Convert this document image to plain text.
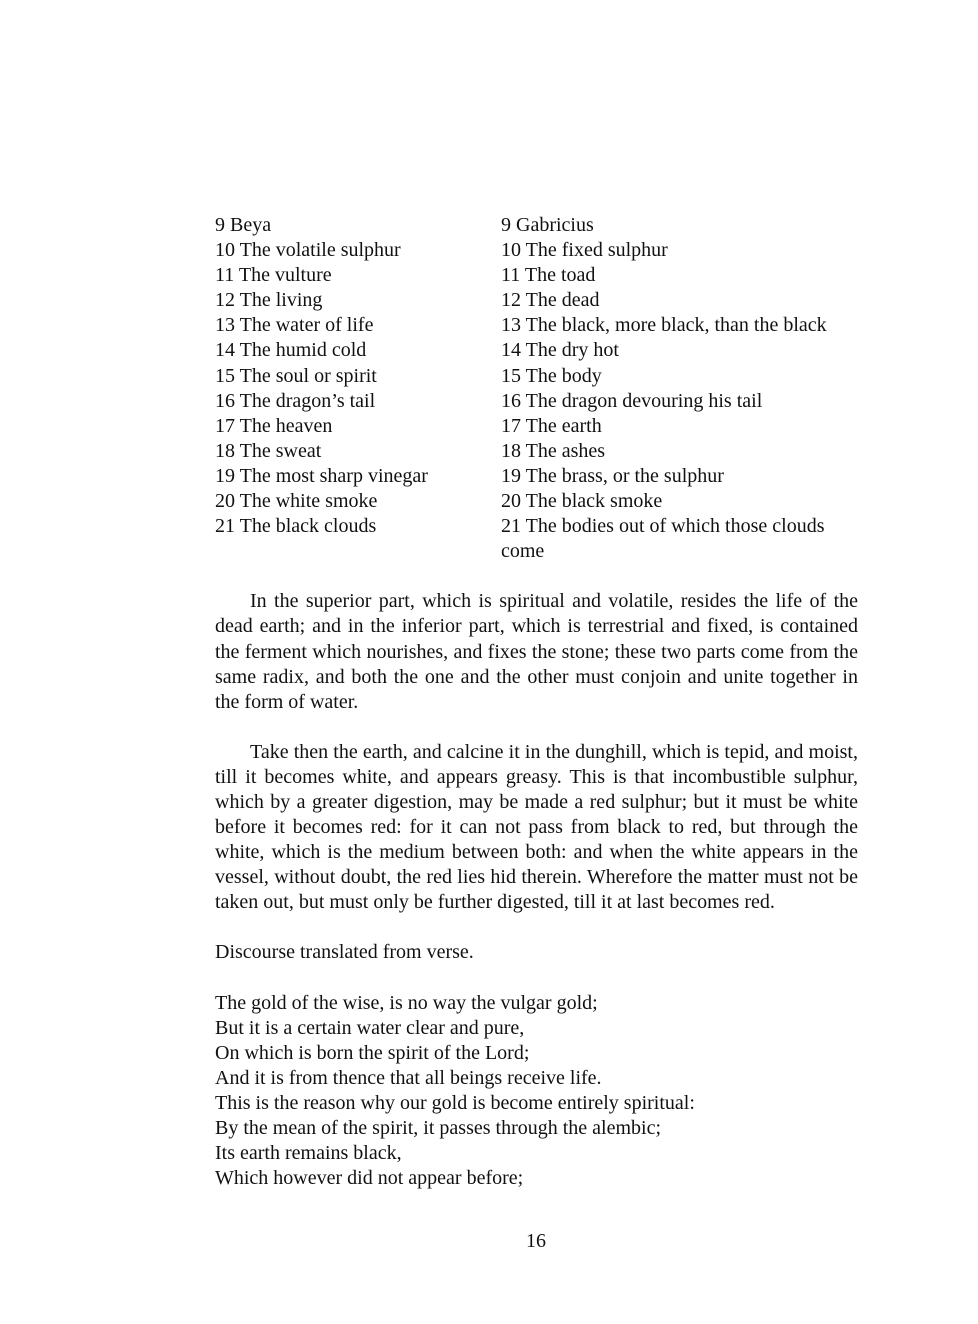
9 Beya	9 Gabricius
10 The volatile sulphur	10 The fixed sulphur
11 The vulture	11 The toad
12 The living	12 The dead
13 The water of life	13 The black, more black, than the black
14 The humid cold	14 The dry hot
15 The soul or spirit	15 The body
16 The dragon’s tail	16 The dragon devouring his tail
17 The heaven	17 The earth
18 The sweat	18 The ashes
19 The most sharp vinegar	19 The brass, or the sulphur
20 The white smoke	20 The black smoke
21 The black clouds	21 The bodies out of which those clouds come

In the superior part, which is spiritual and volatile, resides the life of the dead earth; and in the inferior part, which is terrestrial and fixed, is contained the ferment which nourishes, and fixes the stone; these two parts come from the same radix, and both the one and the other must conjoin and unite together in the form of water.

Take then the earth, and calcine it in the dunghill, which is tepid, and moist, till it becomes white, and appears greasy. This is that incombustible sulphur, which by a greater digestion, may be made a red sulphur; but it must be white before it becomes red: for it can not pass from black to red, but through the white, which is the medium between both: and when the white appears in the vessel, without doubt, the red lies hid therein. Wherefore the matter must not be taken out, but must only be further digested, till it at last becomes red.

Discourse translated from verse.

The gold of the wise, is no way the vulgar gold;
But it is a certain water clear and pure,
On which is born the spirit of the Lord;
And it is from thence that all beings receive life.
This is the reason why our gold is become entirely spiritual:
By the mean of the spirit, it passes through the alembic;
Its earth remains black,
Which however did not appear before;
16
